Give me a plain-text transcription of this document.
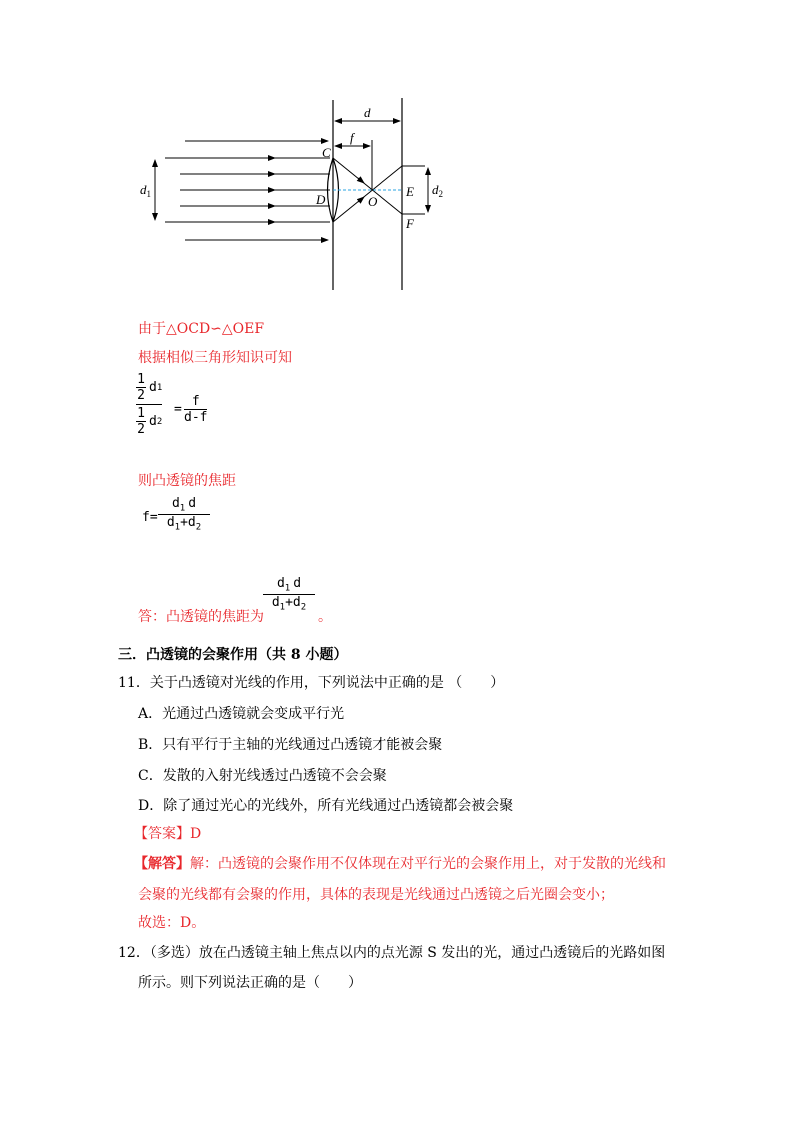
d
f
$d_1$	$d_2$
C
D	O
E
F
由于△OCD∽△OEF
根据相似三角形知识可知
1
2
d 1
1
2
d 2
=
f
d-f
则凸透镜的焦距
f=
$d_1$ d
$d_1+d_2$
答：凸透镜的焦距为
$d_1$ d
$d_1+d_2$
。
三．凸透镜的会聚作用（共 8 小题）
11．关于凸透镜对光线的作用，下列说法中正确的是 （　　）
A．光通过凸透镜就会变成平行光
B．只有平行于主轴的光线通过凸透镜才能被会聚
C．发散的入射光线透过凸透镜不会会聚
D．除了通过光心的光线外，所有光线通过凸透镜都会被会聚
【答案】D
【解答】解：凸透镜的会聚作用不仅体现在对平行光的会聚作用上，对于发散的光线和
会聚的光线都有会聚的作用，具体的表现是光线通过凸透镜之后光圈会变小；
故选：D。
12．（多选）放在凸透镜主轴上焦点以内的点光源 S 发出的光，通过凸透镜后的光路如图
所示。则下列说法正确的是（　　）
